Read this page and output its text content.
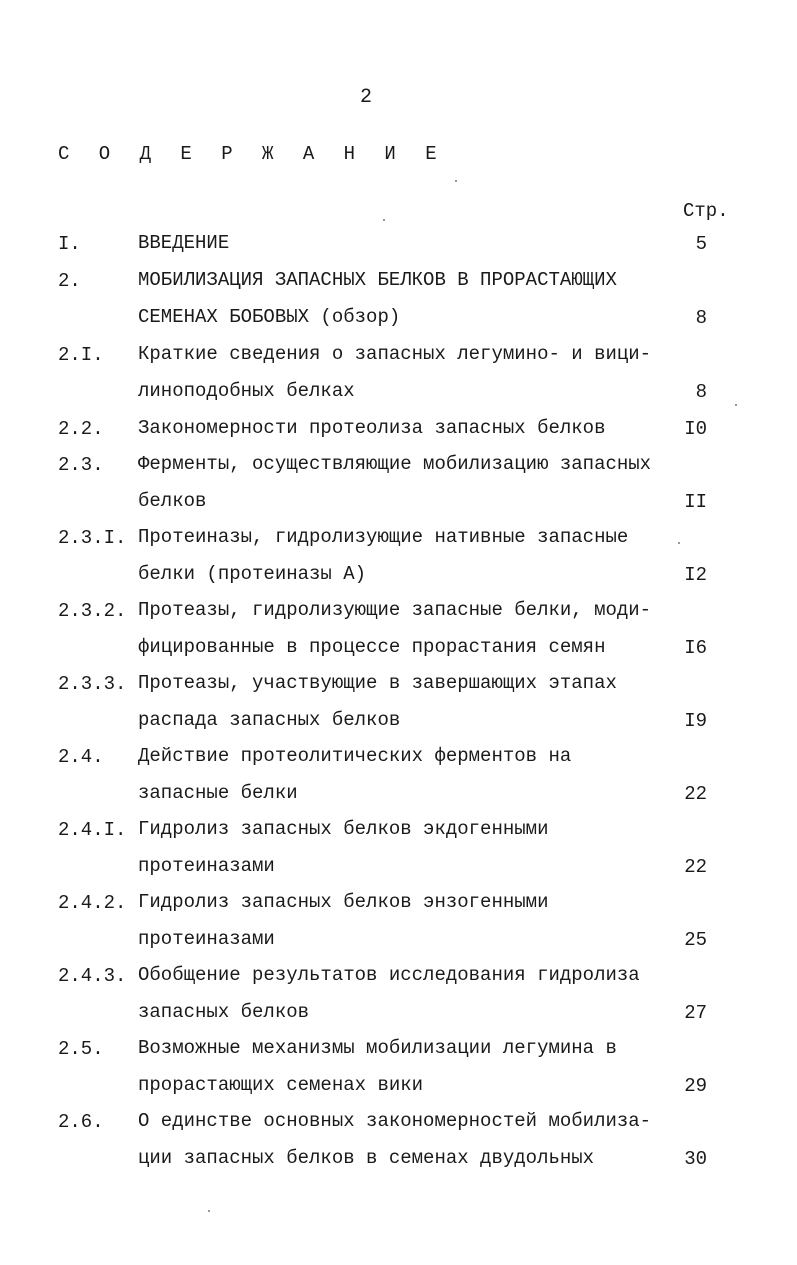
2
С О Д Е Р Ж А Н И Е
Стр.
I.	ВВЕДЕНИЕ	5
2.	МОБИЛИЗАЦИЯ ЗАПАСНЫХ БЕЛКОВ В ПРОРАСТАЮЩИХ
СЕМЕНАХ БОБОВЫХ (обзор)	8
2.I. Краткие сведения о запасных легумино- и вици-
линоподобных белках	8
2.2. Закономерности протеолиза запасных белков	I0
2.3. Ферменты, осуществляющие мобилизацию запасных
белков	II
2.3.I. Протеиназы, гидролизующие нативные запасные
белки (протеиназы А)	I2
2.3.2. Протеазы, гидролизующие запасные белки, моди-
фицированные в процессе прорастания семян	I6
2.3.3. Протеазы, участвующие в завершающих этапах
распада запасных белков	I9
2.4. Действие протеолитических ферментов на
запасные белки	22
2.4.I. Гидролиз запасных белков экдогенными
протеиназами	22
2.4.2. Гидролиз запасных белков энзогенными
протеиназами	25
2.4.3. Обобщение результатов исследования гидролиза
запасных белков	27
2.5. Возможные механизмы мобилизации легумина в
прорастающих семенах вики	29
2.6. О единстве основных закономерностей мобилиза-
ции запасных белков в семенах двудольных	30
